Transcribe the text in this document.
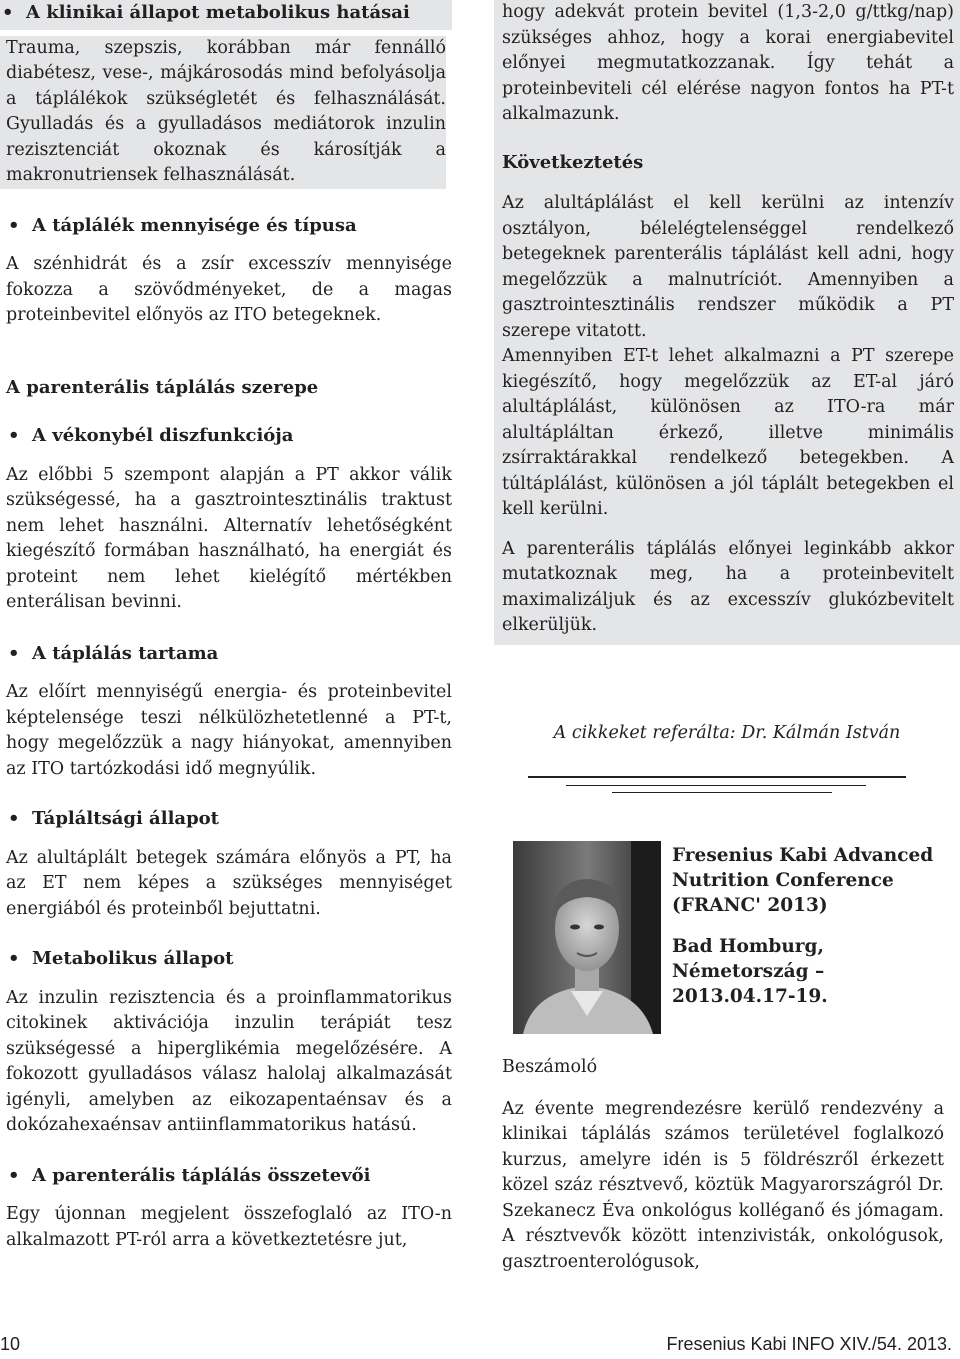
• A klinikai állapot metabolikus hatásai

Trauma, szepszis, korábban már fennálló diabétesz, vese-, májkárosodás mind befolyásolja a táplálékok szükségletét és felhasználását. Gyulladás és a gyulladásos mediátorok inzulin rezisztenciát okoznak és károsítják a makronutriensek felhasználását.

• A táplálék mennyisége és típusa

A szénhidrát és a zsír excesszív mennyisége fokozza a szövődményeket, de a magas proteinbevitel előnyös az ITO betegeknek.

A parenterális táplálás szerepe
• A vékonybél diszfunkciója

Az előbbi 5 szempont alapján a PT akkor válik szükségessé, ha a gasztrointesztinális traktust nem lehet használni. Alternatív lehetőségként kiegészítő formában használható, ha energiát és proteint nem lehet kielégítő mértékben enterálisan bevinni.

• A táplálás tartama

Az előírt mennyiségű energia- és proteinbevitel képtelensége teszi nélkülözhetetlenné a PT-t, hogy megelőzzük a nagy hiányokat, amennyiben az ITO tartózkodási idő megnyúlik.

• Tápláltsági állapot

Az alultáplált betegek számára előnyös a PT, ha az ET nem képes a szükséges mennyiséget energiából és proteinből bejuttatni.

• Metabolikus állapot

Az inzulin rezisztencia és a proinflammatorikus citokinek aktivációja inzulin terápiát tesz szükségessé a hiperglikémia megelőzésére. A fokozott gyulladásos válasz halolaj alkalmazását igényli, amelyben az eikozapentaénsav és a dokózahexaénsav antiinflammatorikus hatású.

• A parenterális táplálás összetevői

Egy újonnan megjelent összefoglaló az ITO-n alkalmazott PT-ról arra a következtetésre jut,

hogy adekvát protein bevitel (1,3-2,0 g/ttkg/nap) szükséges ahhoz, hogy a korai energiabevitel előnyei megmutatkozzanak. Így tehát a proteinbeviteli cél elérése nagyon fontos ha PT-t alkalmazunk.

Következtetés

Az alultáplálást el kell kerülni az intenzív osztályon, bélelégtelenséggel rendelkező betegeknek parenterális táplálást kell adni, hogy megelőzzük a malnutríciót. Amennyiben a gasztrointesztinális rendszer működik a PT szerepe vitatott.

Amennyiben ET-t lehet alkalmazni a PT szerepe kiegészítő, hogy megelőzzük az ET-al járó alultáplálást, különösen az ITO-ra már alultápláltan érkező, illetve minimális zsírraktárakkal rendelkező betegekben. A túltáplálást, különösen a jól táplált betegekben el kell kerülni.

A parenterális táplálás előnyei leginkább akkor mutatkoznak meg, ha a proteinbevitelt maximalizáljuk és az excesszív glukózbevitelt elkerüljük.

A cikkeket referálta: Dr. Kálmán István
Fresenius Kabi Advanced Nutrition Conference (FRANC' 2013)
Bad Homburg, Németország – 2013.04.17-19.
Beszámoló

Az évente megrendezésre kerülő rendezvény a klinikai táplálás számos területével foglalkozó kurzus, amelyre idén is 5 földrészről érkezett közel száz résztvevő, köztük Magyarországról Dr. Szekanecz Éva onkológus kolléganő és jómagam. A résztvevők között intenzivisták, onkológusok, gasztroenterológusok,

10	Fresenius Kabi INFO XIV./54. 2013.
